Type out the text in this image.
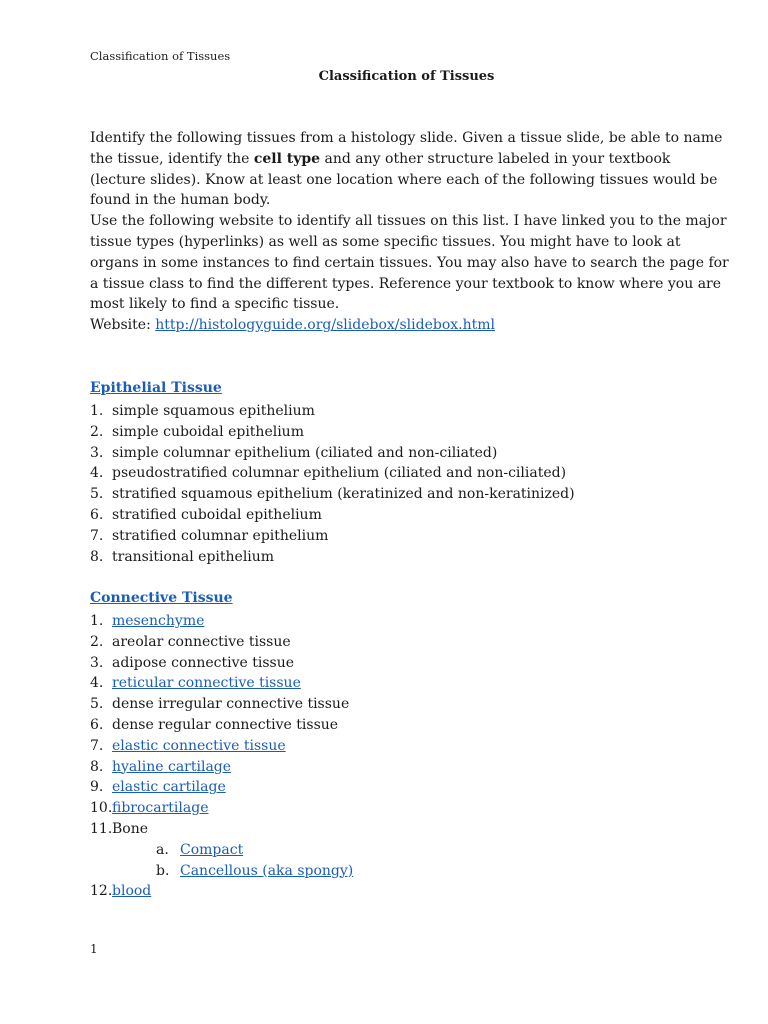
Classification of Tissues
Classification of Tissues

Identify the following tissues from a histology slide. Given a tissue slide, be able to name the tissue, identify the cell type and any other structure labeled in your textbook (lecture slides). Know at least one location where each of the following tissues would be found in the human body.

Use the following website to identify all tissues on this list. I have linked you to the major tissue types (hyperlinks) as well as some specific tissues. You might have to look at organs in some instances to find certain tissues. You may also have to search the page for a tissue class to find the different types. Reference your textbook to know where you are most likely to find a specific tissue.

Website: http://histologyguide.org/slidebox/slidebox.html

Epithelial Tissue
1. simple squamous epithelium
2. simple cuboidal epithelium
3. simple columnar epithelium (ciliated and non-ciliated)
4. pseudostratified columnar epithelium (ciliated and non-ciliated)
5. stratified squamous epithelium (keratinized and non-keratinized)
6. stratified cuboidal epithelium
7. stratified columnar epithelium
8. transitional epithelium
Connective Tissue
1. mesenchyme
2. areolar connective tissue
3. adipose connective tissue
4. reticular connective tissue
5. dense irregular connective tissue
6. dense regular connective tissue
7. elastic connective tissue
8. hyaline cartilage
9. elastic cartilage
10. fibrocartilage
11. Bone
a. Compact
b. Cancellous (aka spongy)
12. blood
1
